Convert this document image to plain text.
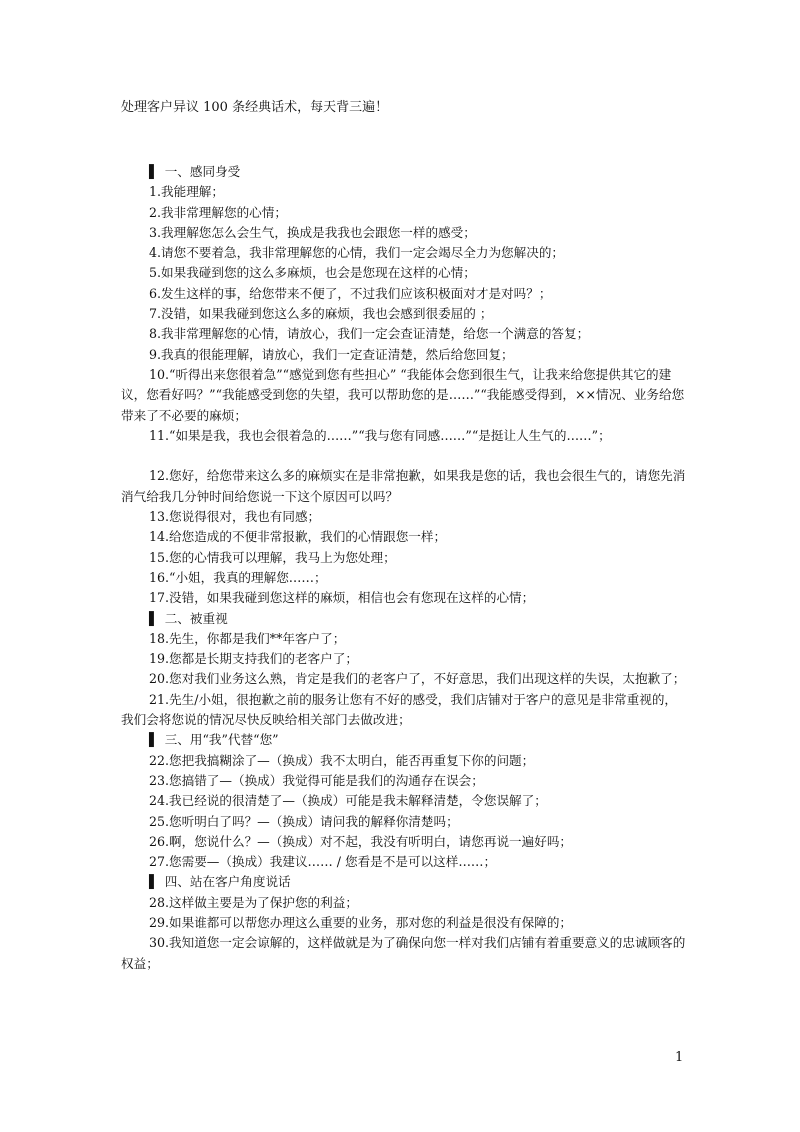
处理客户异议 100 条经典话术，每天背三遍！

▌ 一、感同身受

1.我能理解；

2.我非常理解您的心情；

3.我理解您怎么会生气，换成是我我也会跟您一样的感受；

4.请您不要着急，我非常理解您的心情，我们一定会竭尽全力为您解决的；

5.如果我碰到您的这么多麻烦，也会是您现在这样的心情；

6.发生这样的事，给您带来不便了，不过我们应该积极面对才是对吗？；

7.没错，如果我碰到您这么多的麻烦，我也会感到很委屈的 ；

8.我非常理解您的心情，请放心，我们一定会查证清楚，给您一个满意的答复；

9.我真的很能理解，请放心，我们一定查证清楚，然后给您回复；

10.“听得出来您很着急”“感觉到您有些担心” “我能体会您到很生气，让我来给您提供其它的建议，您看好吗？”“我能感受到您的失望，我可以帮助您的是……”“我能感受得到，××情况、业务给您带来了不必要的麻烦；

11.“如果是我，我也会很着急的……”“我与您有同感……”“是挺让人生气的……”；

12.您好，给您带来这么多的麻烦实在是非常抱歉，如果我是您的话，我也会很生气的，请您先消消气给我几分钟时间给您说一下这个原因可以吗？

13.您说得很对，我也有同感；

14.给您造成的不便非常报歉，我们的心情跟您一样；

15.您的心情我可以理解，我马上为您处理；

16.“小姐，我真的理解您……；

17.没错，如果我碰到您这样的麻烦，相信也会有您现在这样的心情；

▌ 二、被重视

18.先生，你都是我们**年客户了；

19.您都是长期支持我们的老客户了；

20.您对我们业务这么熟，肯定是我们的老客户了，不好意思，我们出现这样的失误，太抱歉了；

21.先生/小姐，很抱歉之前的服务让您有不好的感受，我们店铺对于客户的意见是非常重视的，我们会将您说的情况尽快反映给相关部门去做改进；

▌ 三、用“我”代替“您”

22.您把我搞糊涂了—（换成）我不太明白，能否再重复下你的问题；

23.您搞错了—（换成）我觉得可能是我们的沟通存在误会；

24.我已经说的很清楚了—（换成）可能是我未解释清楚，令您误解了；

25.您听明白了吗？—（换成）请问我的解释你清楚吗；

26.啊，您说什么？—（换成）对不起，我没有听明白，请您再说一遍好吗；

27.您需要—（换成）我建议…… / 您看是不是可以这样……；

▌ 四、站在客户角度说话

28.这样做主要是为了保护您的利益；

29.如果谁都可以帮您办理这么重要的业务，那对您的利益是很没有保障的；

30.我知道您一定会谅解的，这样做就是为了确保向您一样对我们店铺有着重要意义的忠诚顾客的权益；

1
